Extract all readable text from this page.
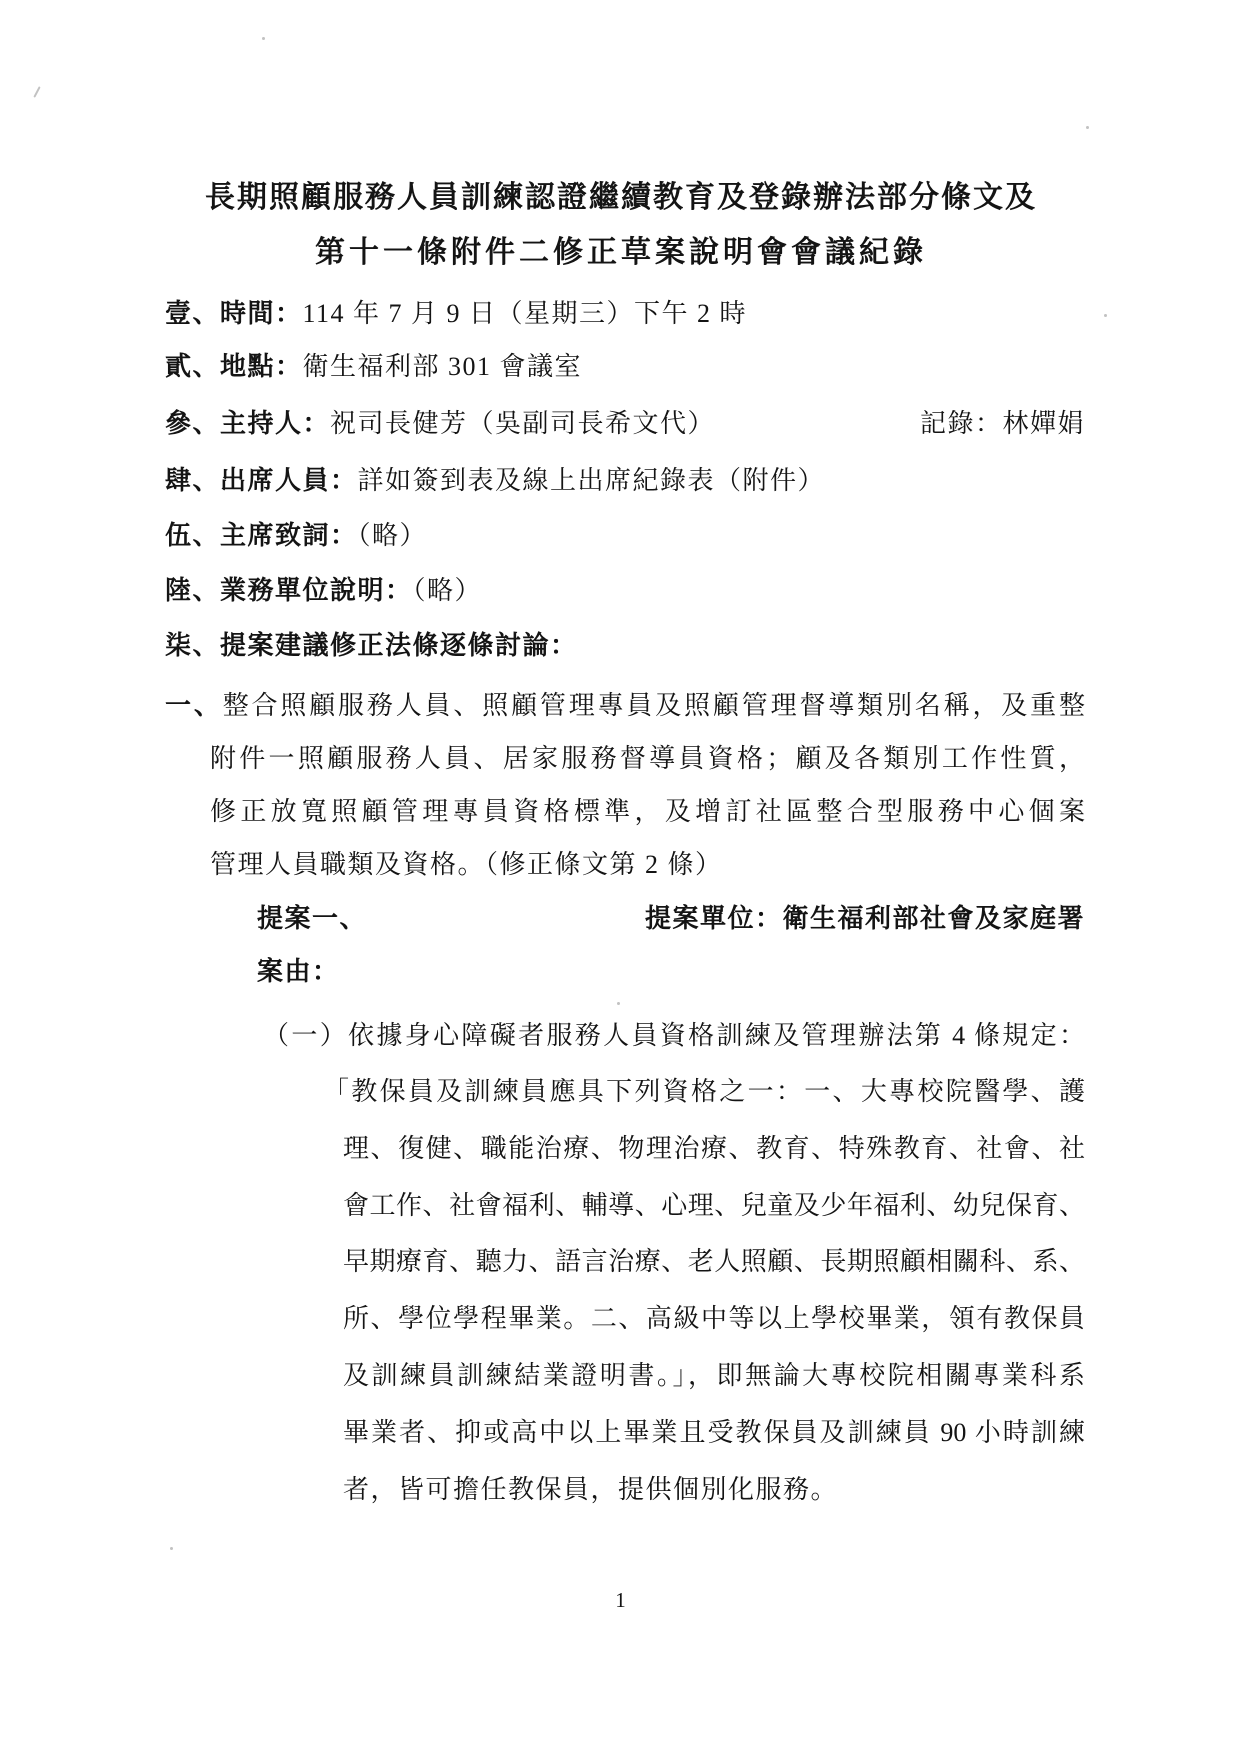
長期照顧服務人員訓練認證繼續教育及登錄辦法部分條文及
第十一條附件二修正草案說明會會議紀錄
壹、時間：114 年 7 月 9 日（星期三）下午 2 時
貳、地點：衛生福利部 301 會議室
參、主持人：祝司長健芳（吳副司長希文代）	記錄：林嬋娟
肆、出席人員：詳如簽到表及線上出席紀錄表（附件）
伍、主席致詞：（略）
陸、業務單位說明：（略）
柒、提案建議修正法條逐條討論：
一、整合照顧服務人員、照顧管理專員及照顧管理督導類別名稱，及重整
附件一照顧服務人員、居家服務督導員資格；顧及各類別工作性質，
修正放寬照顧管理專員資格標準，及增訂社區整合型服務中心個案
管理人員職類及資格。（修正條文第 2 條）
提案一、	提案單位：衛生福利部社會及家庭署
案由：
（一）依據身心障礙者服務人員資格訓練及管理辦法第 4 條規定：
「教保員及訓練員應具下列資格之一：一、大專校院醫學、護
理、復健、職能治療、物理治療、教育、特殊教育、社會、社
會工作、社會福利、輔導、心理、兒童及少年福利、幼兒保育、
早期療育、聽力、語言治療、老人照顧、長期照顧相關科、系、
所、學位學程畢業。二、高級中等以上學校畢業，領有教保員
及訓練員訓練結業證明書。」，即無論大專校院相關專業科系
畢業者、抑或高中以上畢業且受教保員及訓練員 90 小時訓練
者，皆可擔任教保員，提供個別化服務。
1
